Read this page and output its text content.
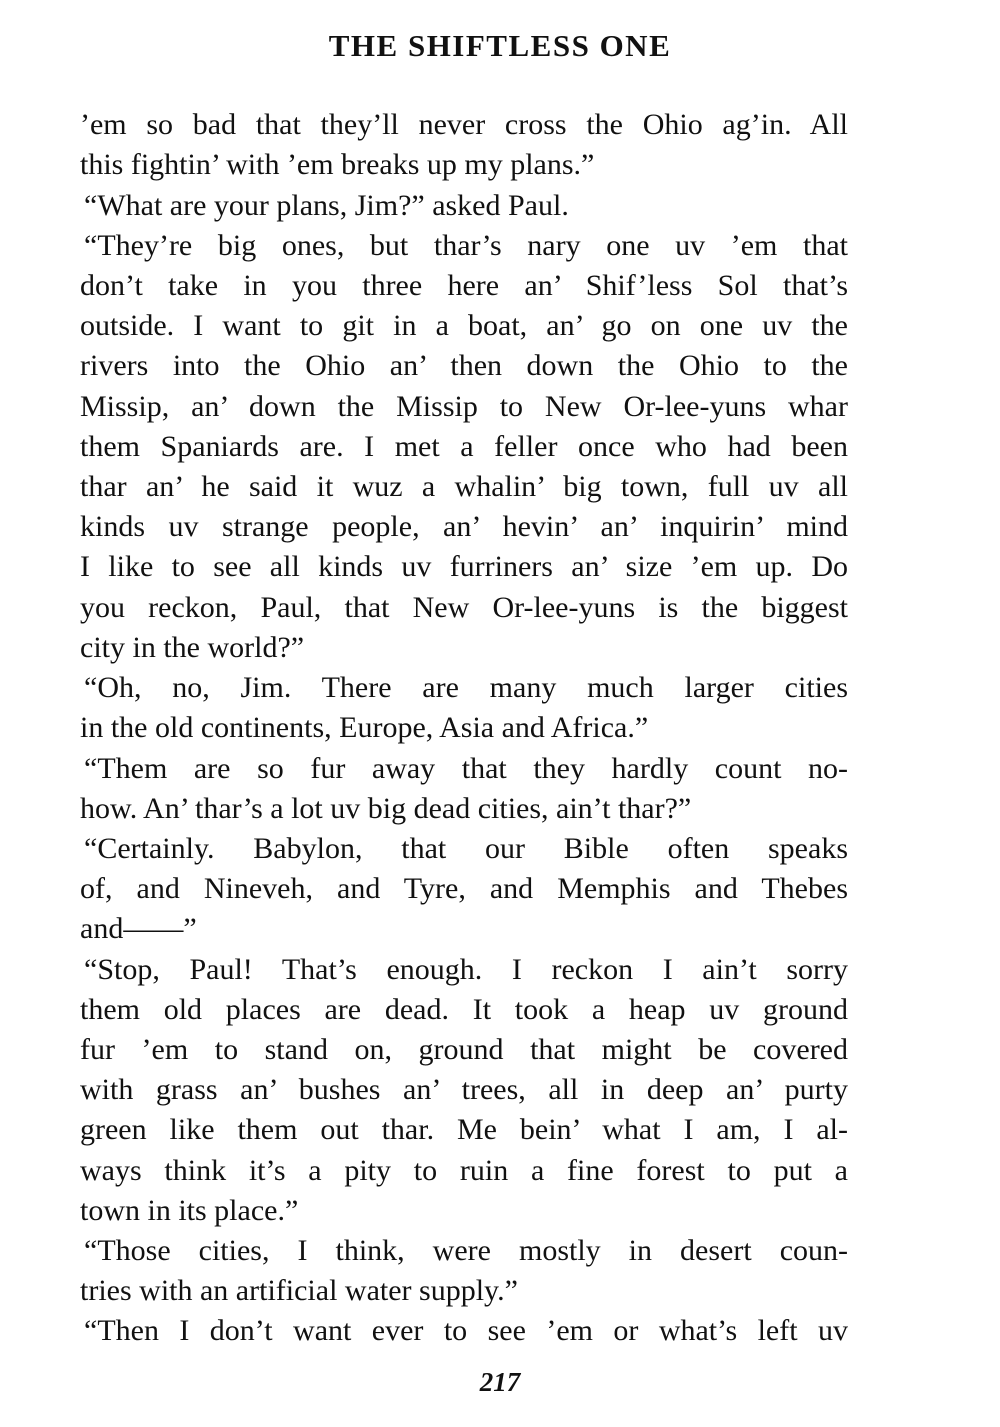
THE SHIFTLESS ONE
’em so bad that they’ll never cross the Ohio ag’in. All
this fightin’ with ’em breaks up my plans.”
“What are your plans, Jim?” asked Paul.
“They’re big ones, but thar’s nary one uv ’em that
don’t take in you three here an’ Shif’less Sol that’s
outside. I want to git in a boat, an’ go on one uv the
rivers into the Ohio an’ then down the Ohio to the
Missip, an’ down the Missip to New Or-lee-yuns whar
them Spaniards are. I met a feller once who had been
thar an’ he said it wuz a whalin’ big town, full uv all
kinds uv strange people, an’ hevin’ an’ inquirin’ mind
I like to see all kinds uv furriners an’ size ’em up. Do
you reckon, Paul, that New Or-lee-yuns is the biggest
city in the world?”
“Oh, no, Jim. There are many much larger cities
in the old continents, Europe, Asia and Africa.”
“Them are so fur away that they hardly count no-
how. An’ thar’s a lot uv big dead cities, ain’t thar?”
“Certainly. Babylon, that our Bible often speaks
of, and Nineveh, and Tyre, and Memphis and Thebes
and——”
“Stop, Paul! That’s enough. I reckon I ain’t sorry
them old places are dead. It took a heap uv ground
fur ’em to stand on, ground that might be covered
with grass an’ bushes an’ trees, all in deep an’ purty
green like them out thar. Me bein’ what I am, I al-
ways think it’s a pity to ruin a fine forest to put a
town in its place.”
“Those cities, I think, were mostly in desert coun-
tries with an artificial water supply.”
“Then I don’t want ever to see ’em or what’s left uv
217
